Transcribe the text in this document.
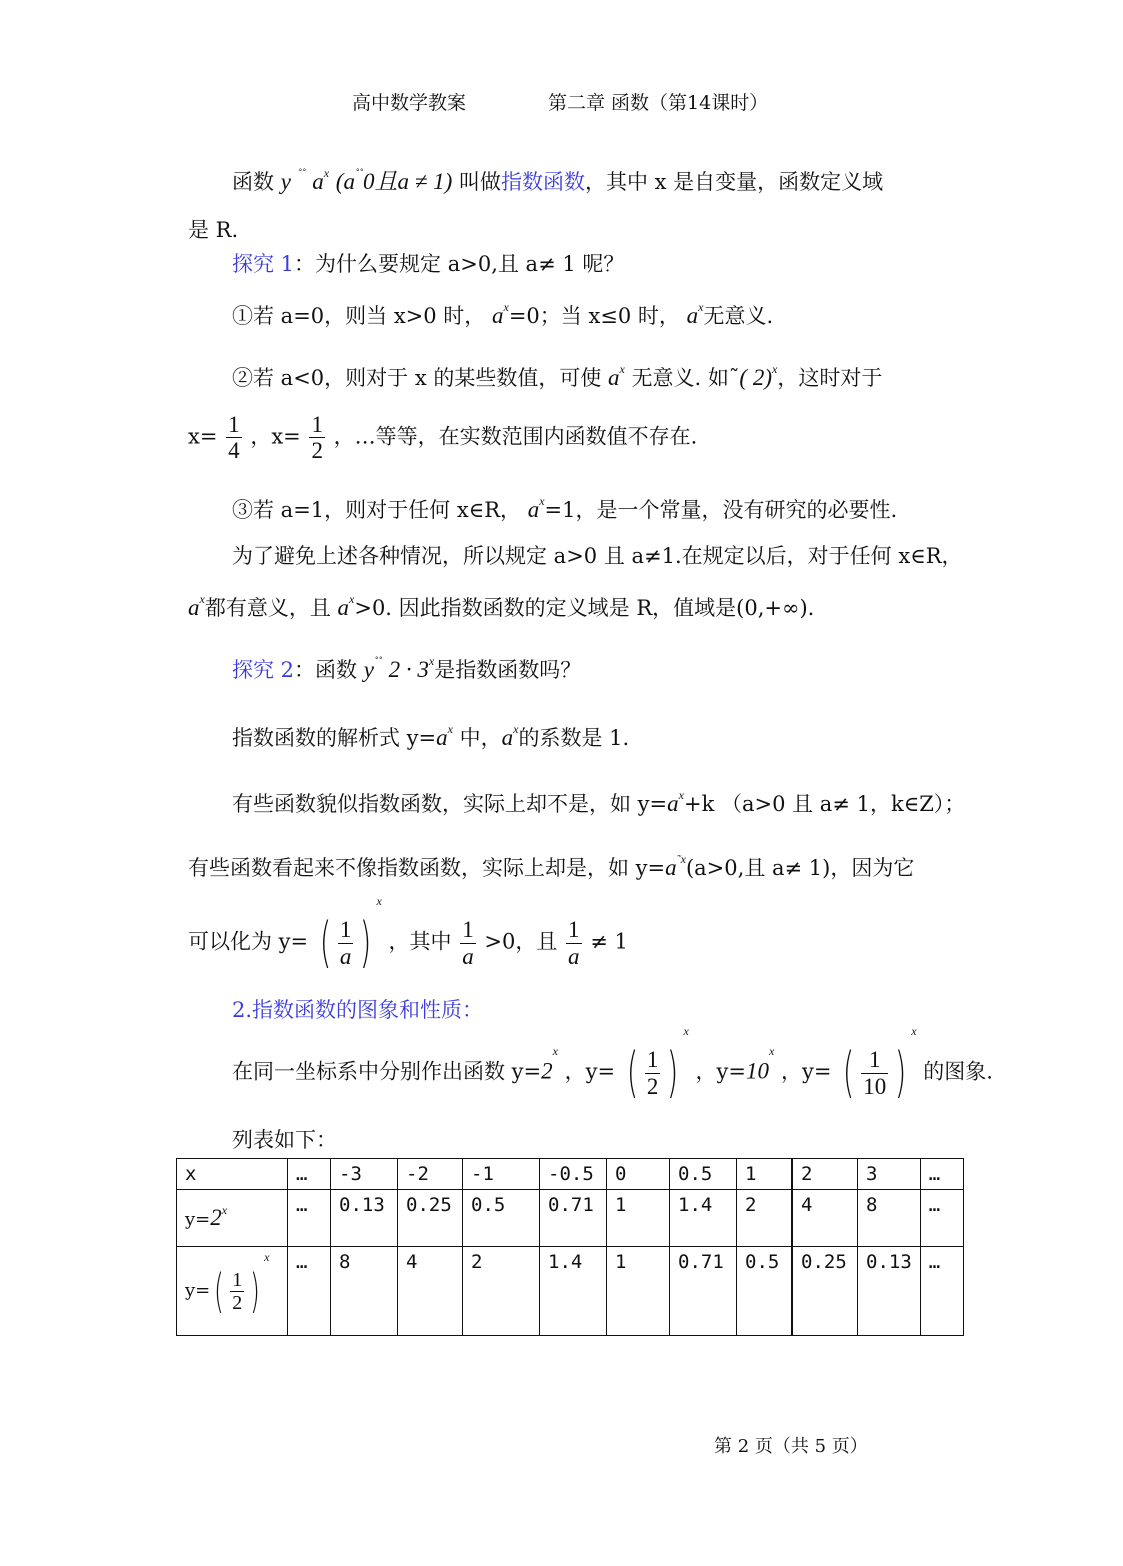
高中数学教案	第二章 函数（第14课时）
函数 y ˚˚ $a^x$ (a˚˚0且a ≠ 1) 叫做指数函数，其中 x 是自变量，函数定义域
是 R.
探究 1：为什么要规定 a>0,且 a≠ 1 呢？
①若 a=0，则当 x>0 时， $a^x=0$；当 x≤0 时， $a^x$无意义.
②若 a<0，则对于 x 的某些数值，可使 $a^x$ 无意义. 如˜( 2)$^x$，这时对于
$x= \frac{1}{4}$ ，$x= \frac{1}{2}$ ，…等等，在实数范围内函数值不存在.
③若 a=1，则对于任何 x∈R， $a^x=1$，是一个常量，没有研究的必要性.
为了避免上述各种情况，所以规定 a>0 且 a≠1.在规定以后，对于任何 x∈R，
$a^x$都有意义，且 $a^x>0$. 因此指数函数的定义域是 R，值域是(0,+∞).
探究 2：函数 y˚˚ $2 \cdot 3^x$是指数函数吗？
指数函数的解析式 $y=a^x$ 中，$a^x$的系数是 1.
有些函数貌似指数函数，实际上却不是，如 $y=a^x+k$ （a>0 且 a≠ 1，k∈Z）；
有些函数看起来不像指数函数，实际上却是，如 $y=a^{˜x}(a>0$,且 a≠ 1)，因为它
可以化为 y= ( $\frac{1}{a} )^x$ ，其中 $\frac{1}{a} >0$，且 $\frac{1}{a} \ne 1$
2.指数函数的图象和性质：
在同一坐标系中分别作出函数 $y=2^x$ ，y= ( $\frac{1}{2} )^x$ ，$y=10^x$ ，y= ( $\frac{1}{10} )^x$ 的图象.
列表如下：
x	…	-3	-2	-1	-0.5	0	0.5	1	2	3	…
$y=2^x$	…	0.13	0.25	0.5	0.71	1	1.4	2	4	8	…
$y=( \frac{1}{2} )^x$	…	8	4	2	1.4	1	0.71	0.5	0.25	0.13	…
第 2 页（共 5 页）
